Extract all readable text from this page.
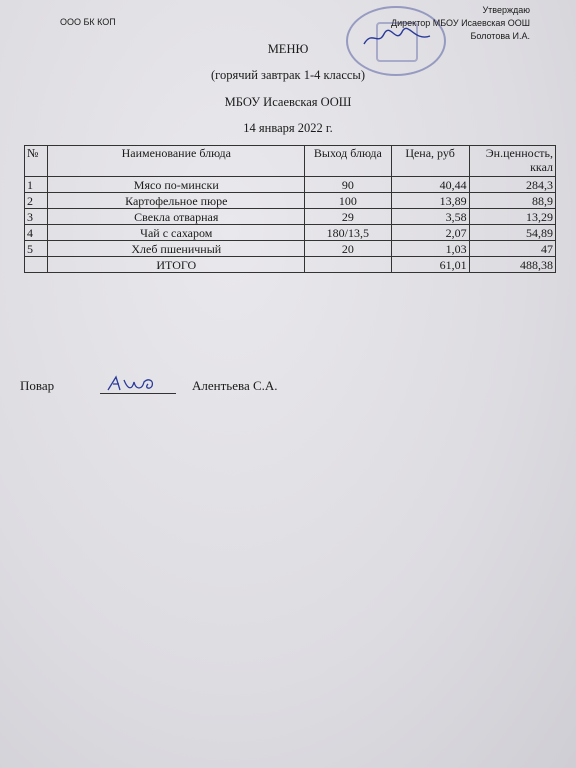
ООО БК КОП
Утверждаю
Директор МБОУ Исаевская ООШ
Болотова И.А.
МЕНЮ
(горячий завтрак 1-4 классы)
МБОУ Исаевская ООШ
14 января 2022 г.
№	Наименование блюда	Выход блюда	Цена, руб	Эн.ценность, ккал
1	Мясо по-мински	90	40,44	284,3
2	Картофельное пюре	100	13,89	88,9
3	Свекла отварная	29	3,58	13,29
4	Чай с сахаром	180/13,5	2,07	54,89
5	Хлеб пшеничный	20	1,03	47
	ИТОГО		61,01	488,38
Повар	Алентьева С.А.
